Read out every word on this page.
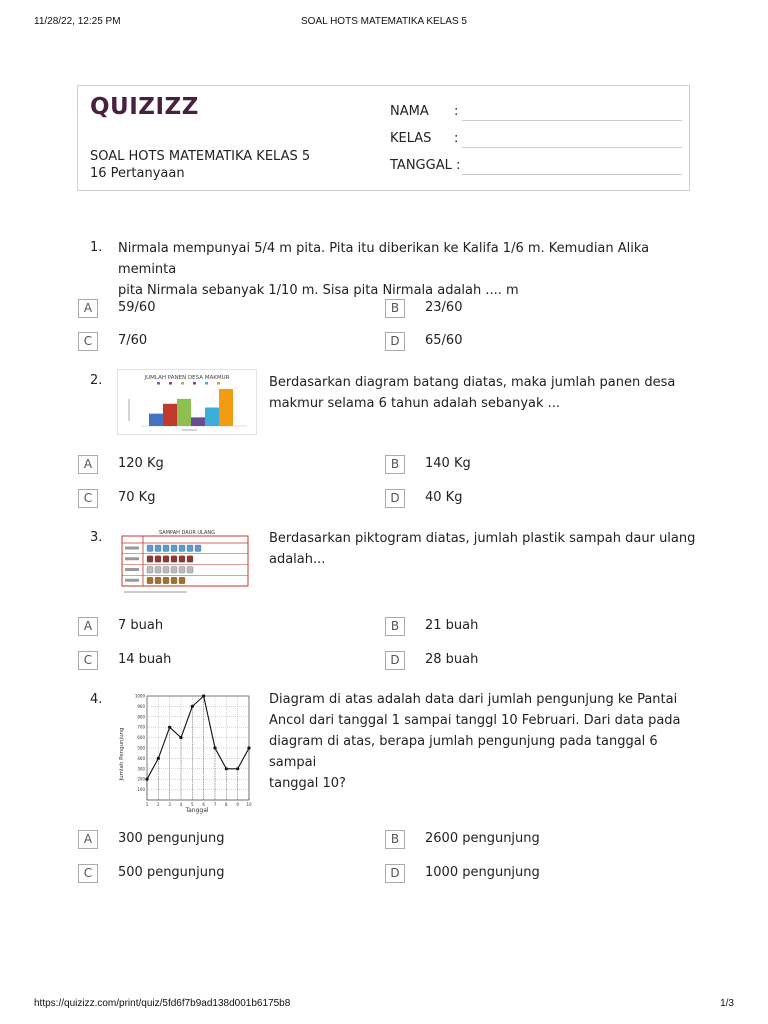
11/28/22, 12:25 PM	SOAL HOTS MATEMATIKA KELAS 5
QUIZIZZ
SOAL HOTS MATEMATIKA KELAS 5
16 Pertanyaan
NAMA :
KELAS :
TANGGAL :
1. Nirmala mempunyai 5/4 m pita. Pita itu diberikan ke Kalifa 1/6 m. Kemudian Alika meminta
pita Nirmala sebanyak 1/10 m. Sisa pita Nirmala adalah .... m
A	59/60	B	23/60
C	7/60	D	65/60
2.	JUMLAH PANEN DESA MAKMUR	Berdasarkan diagram batang diatas, maka jumlah panen desa
makmur selama 6 tahun adalah sebanyak ...
A	120 Kg	B	140 Kg
C	70 Kg	D	40 Kg
3.	SAMPAH DAUR ULANG	Berdasarkan piktogram diatas, jumlah plastik sampah daur ulang
adalah...
A	7 buah	B	21 buah
C	14 buah	D	28 buah
4.
100
200
300
400
500
600
700
800
900
1000
1 2 3 4 5 6 7 8 9 10
Jumlah Pengunjung
Tanggal
Diagram di atas adalah data dari jumlah pengunjung ke Pantai
Ancol dari tanggal 1 sampai tanggl 10 Februari. Dari data pada
diagram di atas, berapa jumlah pengunjung pada tanggal 6 sampai
tanggal 10?
A	300 pengunjung	B	2600 pengunjung
C	500 pengunjung	D	1000 pengunjung
https://quizizz.com/print/quiz/5fd6f7b9ad138d001b6175b8	1/3
